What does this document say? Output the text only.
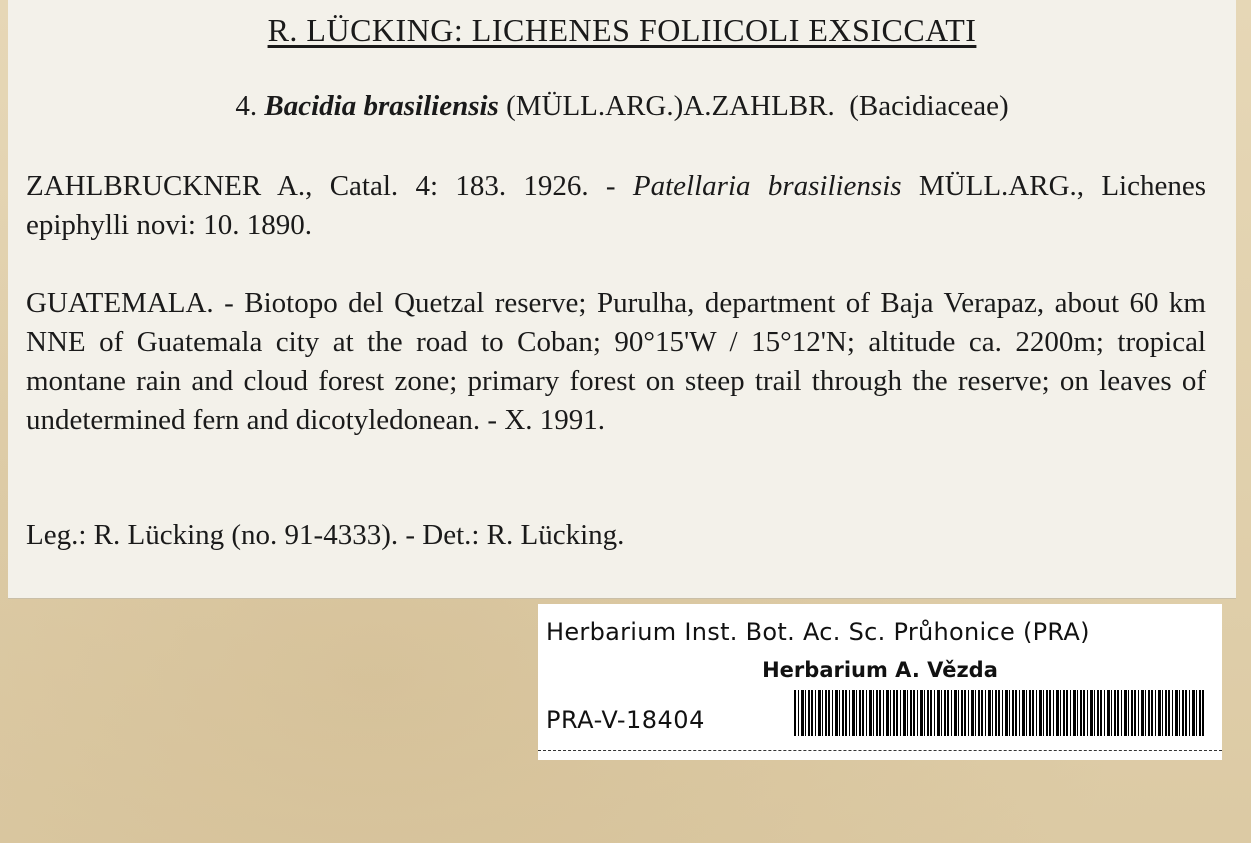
R. LÜCKING: LICHENES FOLIICOLI EXSICCATI
4. Bacidia brasiliensis (MÜLL.ARG.)A.ZAHLBR. (Bacidiaceae)
ZAHLBRUCKNER A., Catal. 4: 183. 1926. - Patellaria brasiliensis MÜLL.ARG., Lichenes epiphylli novi: 10. 1890.
GUATEMALA. - Biotopo del Quetzal reserve; Purulha, department of Baja Verapaz, about 60 km NNE of Guatemala city at the road to Coban; 90°15'W / 15°12'N; altitude ca. 2200m; tropical montane rain and cloud forest zone; primary forest on steep trail through the reserve; on leaves of undetermined fern and dicotyledonean. - X. 1991.
Leg.: R. Lücking (no. 91-4333). - Det.: R. Lücking.
Herbarium Inst. Bot. Ac. Sc. Průhonice (PRA)
Herbarium A. Vězda
PRA-V-18404
